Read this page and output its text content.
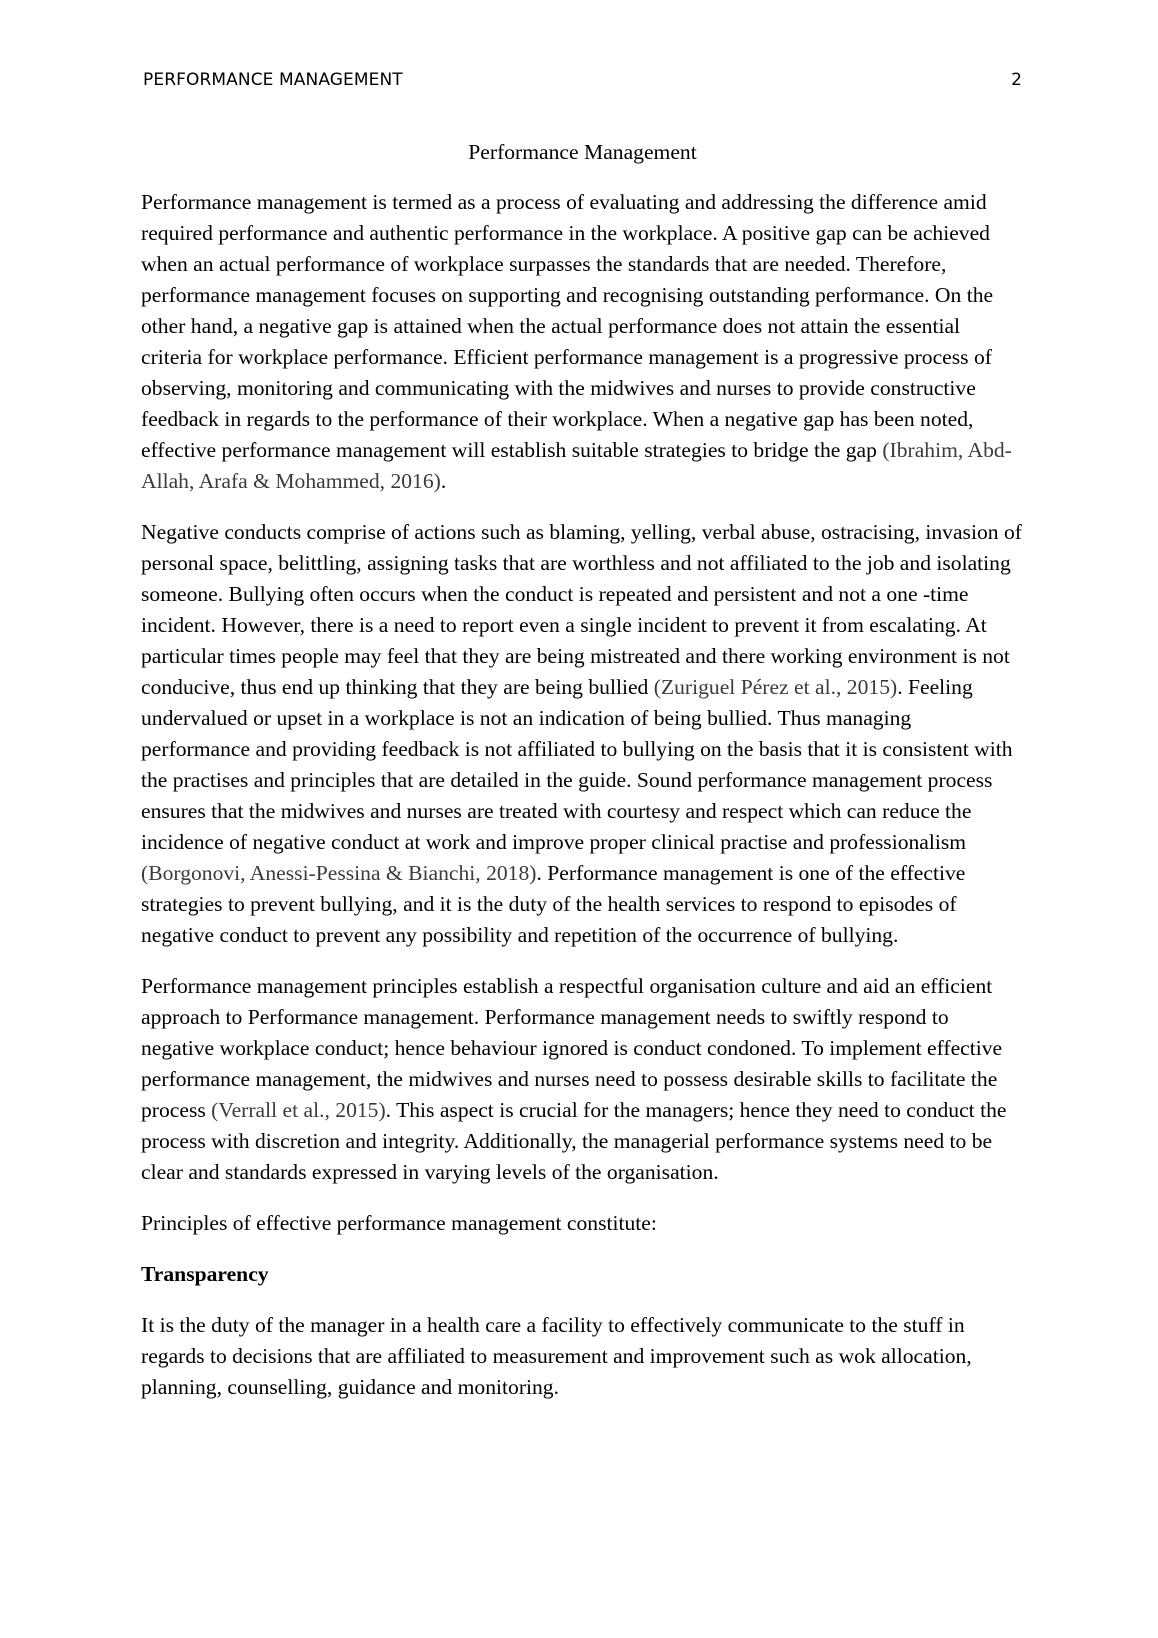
PERFORMANCE MANAGEMENT	2

Performance Management

Performance management is termed as a process of evaluating and addressing the difference amid required performance and authentic performance in the workplace. A positive gap can be achieved when an actual performance of workplace surpasses the standards that are needed. Therefore, performance management focuses on supporting and recognising outstanding performance. On the other hand, a negative gap is attained when the actual performance does not attain the essential criteria for workplace performance. Efficient performance management is a progressive process of observing, monitoring and communicating with the midwives and nurses to provide constructive feedback in regards to the performance of their workplace. When a negative gap has been noted, effective performance management will establish suitable strategies to bridge the gap (Ibrahim, Abd-Allah, Arafa & Mohammed, 2016).

Negative conducts comprise of actions such as blaming, yelling, verbal abuse, ostracising, invasion of personal space, belittling, assigning tasks that are worthless and not affiliated to the job and isolating someone. Bullying often occurs when the conduct is repeated and persistent and not a one -time incident. However, there is a need to report even a single incident to prevent it from escalating. At particular times people may feel that they are being mistreated and there working environment is not conducive, thus end up thinking that they are being bullied (Zuriguel Pérez et al., 2015). Feeling undervalued or upset in a workplace is not an indication of being bullied. Thus managing performance and providing feedback is not affiliated to bullying on the basis that it is consistent with the practises and principles that are detailed in the guide. Sound performance management process ensures that the midwives and nurses are treated with courtesy and respect which can reduce the incidence of negative conduct at work and improve proper clinical practise and professionalism (Borgonovi, Anessi-Pessina & Bianchi, 2018). Performance management is one of the effective strategies to prevent bullying, and it is the duty of the health services to respond to episodes of negative conduct to prevent any possibility and repetition of the occurrence of bullying.

Performance management principles establish a respectful organisation culture and aid an efficient approach to Performance management. Performance management needs to swiftly respond to negative workplace conduct; hence behaviour ignored is conduct condoned. To implement effective performance management, the midwives and nurses need to possess desirable skills to facilitate the process (Verrall et al., 2015). This aspect is crucial for the managers; hence they need to conduct the process with discretion and integrity. Additionally, the managerial performance systems need to be clear and standards expressed in varying levels of the organisation.

Principles of effective performance management constitute:

Transparency

It is the duty of the manager in a health care a facility to effectively communicate to the stuff in regards to decisions that are affiliated to measurement and improvement such as wok allocation, planning, counselling, guidance and monitoring.
